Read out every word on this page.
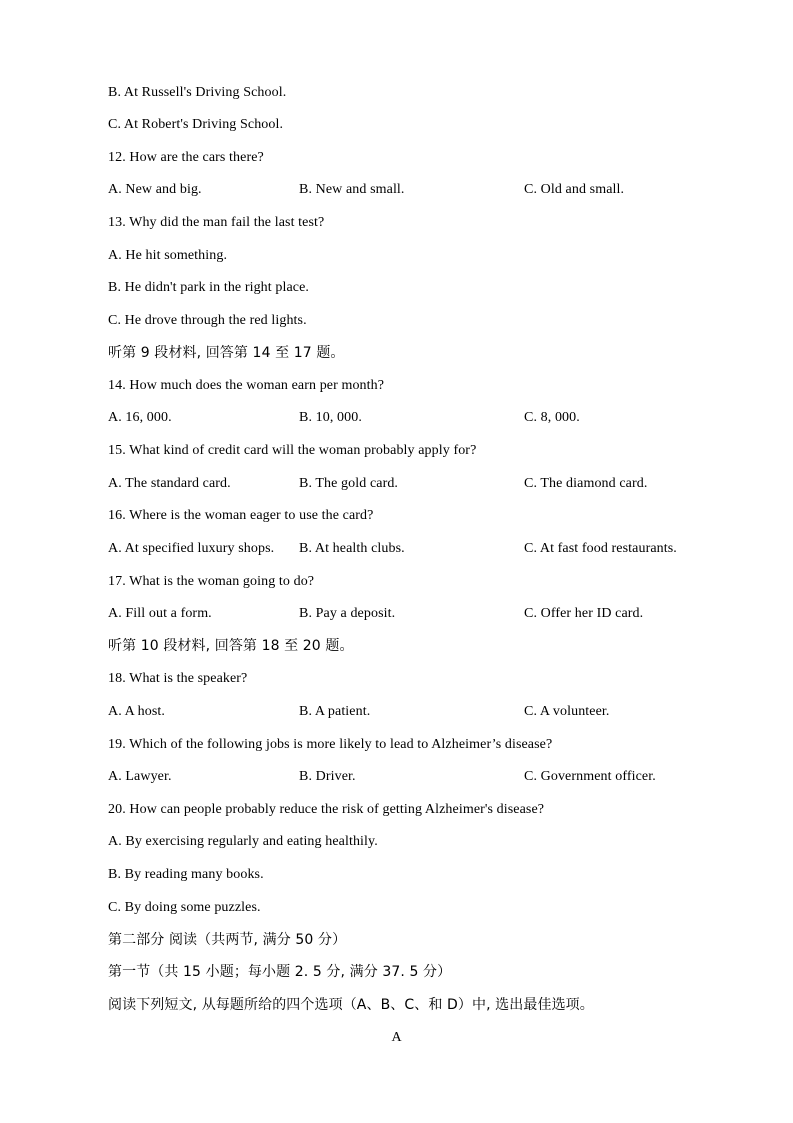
B. At Russell's Driving School.
C. At Robert's Driving School.
12. How are the cars there?
A. New and big.	B. New and small.	C. Old and small.
13. Why did the man fail the last test?
A. He hit something.
B. He didn't park in the right place.
C. He drove through the red lights.
听第 9 段材料, 回答第 14 至 17 题。
14. How much does the woman earn per month?
A. 16, 000.	B. 10, 000.	C. 8, 000.
15. What kind of credit card will the woman probably apply for?
A. The standard card.	B. The gold card.	C. The diamond card.
16. Where is the woman eager to use the card?
A. At specified luxury shops. B. At health clubs.	C. At fast food restaurants.
17. What is the woman going to do?
A. Fill out a form.	B. Pay a deposit.	C. Offer her ID card.
听第 10 段材料, 回答第 18 至 20 题。
18. What is the speaker?
A. A host.	B. A patient.	C. A volunteer.
19. Which of the following jobs is more likely to lead to Alzheimer’s disease?
A. Lawyer.	B. Driver.	C. Government officer.
20. How can people probably reduce the risk of getting Alzheimer's disease?
A. By exercising regularly and eating healthily.
B. By reading many books.
C. By doing some puzzles.
第二部分 阅读（共两节, 满分 50 分）
第一节（共 15 小题；每小题 2. 5 分, 满分 37. 5 分）
阅读下列短文, 从每题所给的四个选项（A、B、C、和 D）中, 选出最佳选项。
A
